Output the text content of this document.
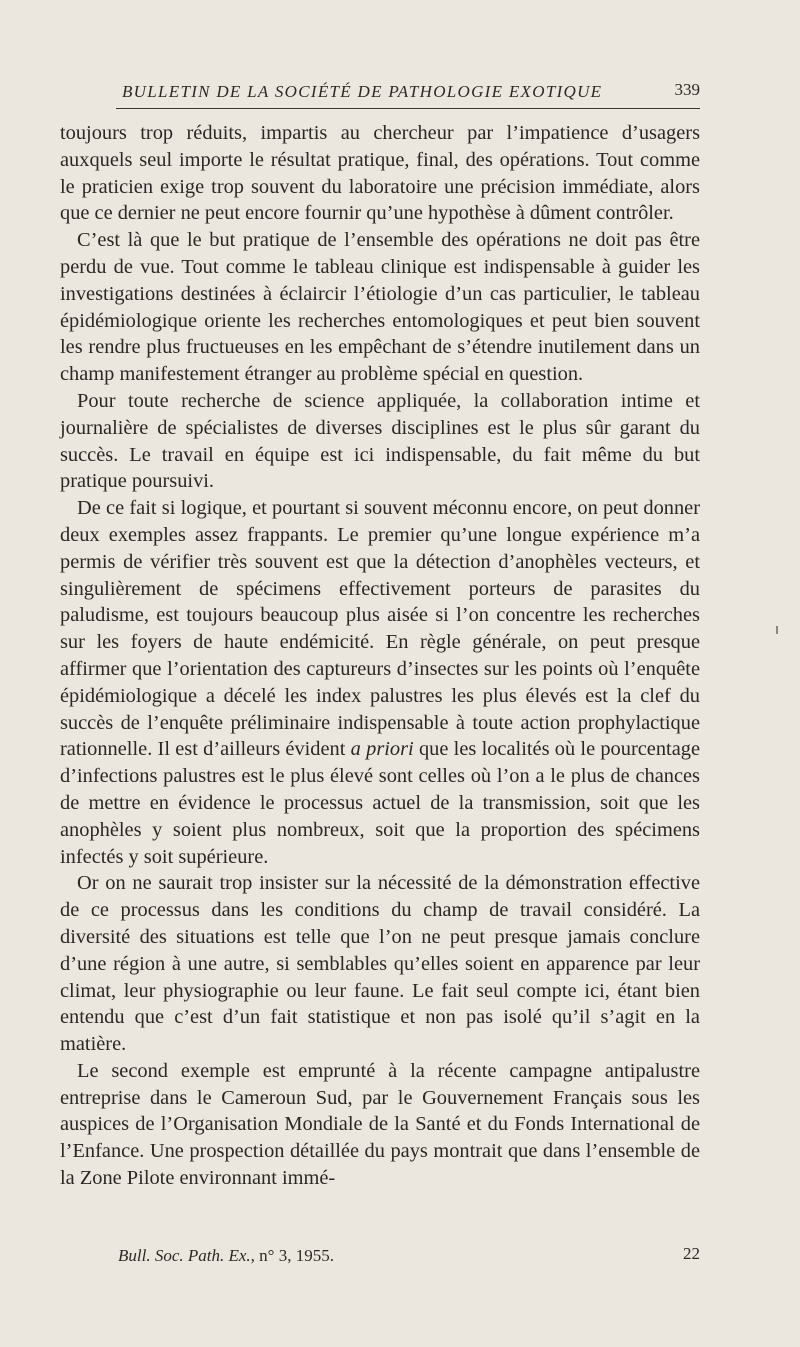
BULLETIN DE LA SOCIÉTÉ DE PATHOLOGIE EXOTIQUE	339

toujours trop réduits, impartis au chercheur par l’impatience d’usagers auxquels seul importe le résultat pratique, final, des opérations. Tout comme le praticien exige trop souvent du laboratoire une précision immédiate, alors que ce dernier ne peut encore fournir qu’une hypothèse à dûment contrôler.

C’est là que le but pratique de l’ensemble des opérations ne doit pas être perdu de vue. Tout comme le tableau clinique est indispensable à guider les investigations destinées à éclaircir l’étiologie d’un cas particulier, le tableau épidémiologique oriente les recherches entomologiques et peut bien souvent les rendre plus fructueuses en les empêchant de s’étendre inutilement dans un champ manifestement étranger au problème spécial en question.

Pour toute recherche de science appliquée, la collaboration intime et journalière de spécialistes de diverses disciplines est le plus sûr garant du succès. Le travail en équipe est ici indispensable, du fait même du but pratique poursuivi.

De ce fait si logique, et pourtant si souvent méconnu encore, on peut donner deux exemples assez frappants. Le premier qu’une longue expérience m’a permis de vérifier très souvent est que la détection d’anophèles vecteurs, et singulièrement de spécimens effectivement porteurs de parasites du paludisme, est toujours beaucoup plus aisée si l’on concentre les recherches sur les foyers de haute endémicité. En règle générale, on peut presque affirmer que l’orientation des captureurs d’insectes sur les points où l’enquête épidémiologique a décelé les index palustres les plus élevés est la clef du succès de l’enquête préliminaire indispensable à toute action prophylactique rationnelle. Il est d’ailleurs évident a priori que les localités où le pourcentage d’infections palustres est le plus élevé sont celles où l’on a le plus de chances de mettre en évidence le processus actuel de la transmission, soit que les anophèles y soient plus nombreux, soit que la proportion des spécimens infectés y soit supérieure.

Or on ne saurait trop insister sur la nécessité de la démonstration effective de ce processus dans les conditions du champ de travail considéré. La diversité des situations est telle que l’on ne peut presque jamais conclure d’une région à une autre, si semblables qu’elles soient en apparence par leur climat, leur physiographie ou leur faune. Le fait seul compte ici, étant bien entendu que c’est d’un fait statistique et non pas isolé qu’il s’agit en la matière.

Le second exemple est emprunté à la récente campagne antipalustre entreprise dans le Cameroun Sud, par le Gouvernement Français sous les auspices de l’Organisation Mondiale de la Santé et du Fonds International de l’Enfance. Une prospection détaillée du pays montrait que dans l’ensemble de la Zone Pilote environnant immé-

Bull. Soc. Path. Ex., n° 3, 1955.	22
